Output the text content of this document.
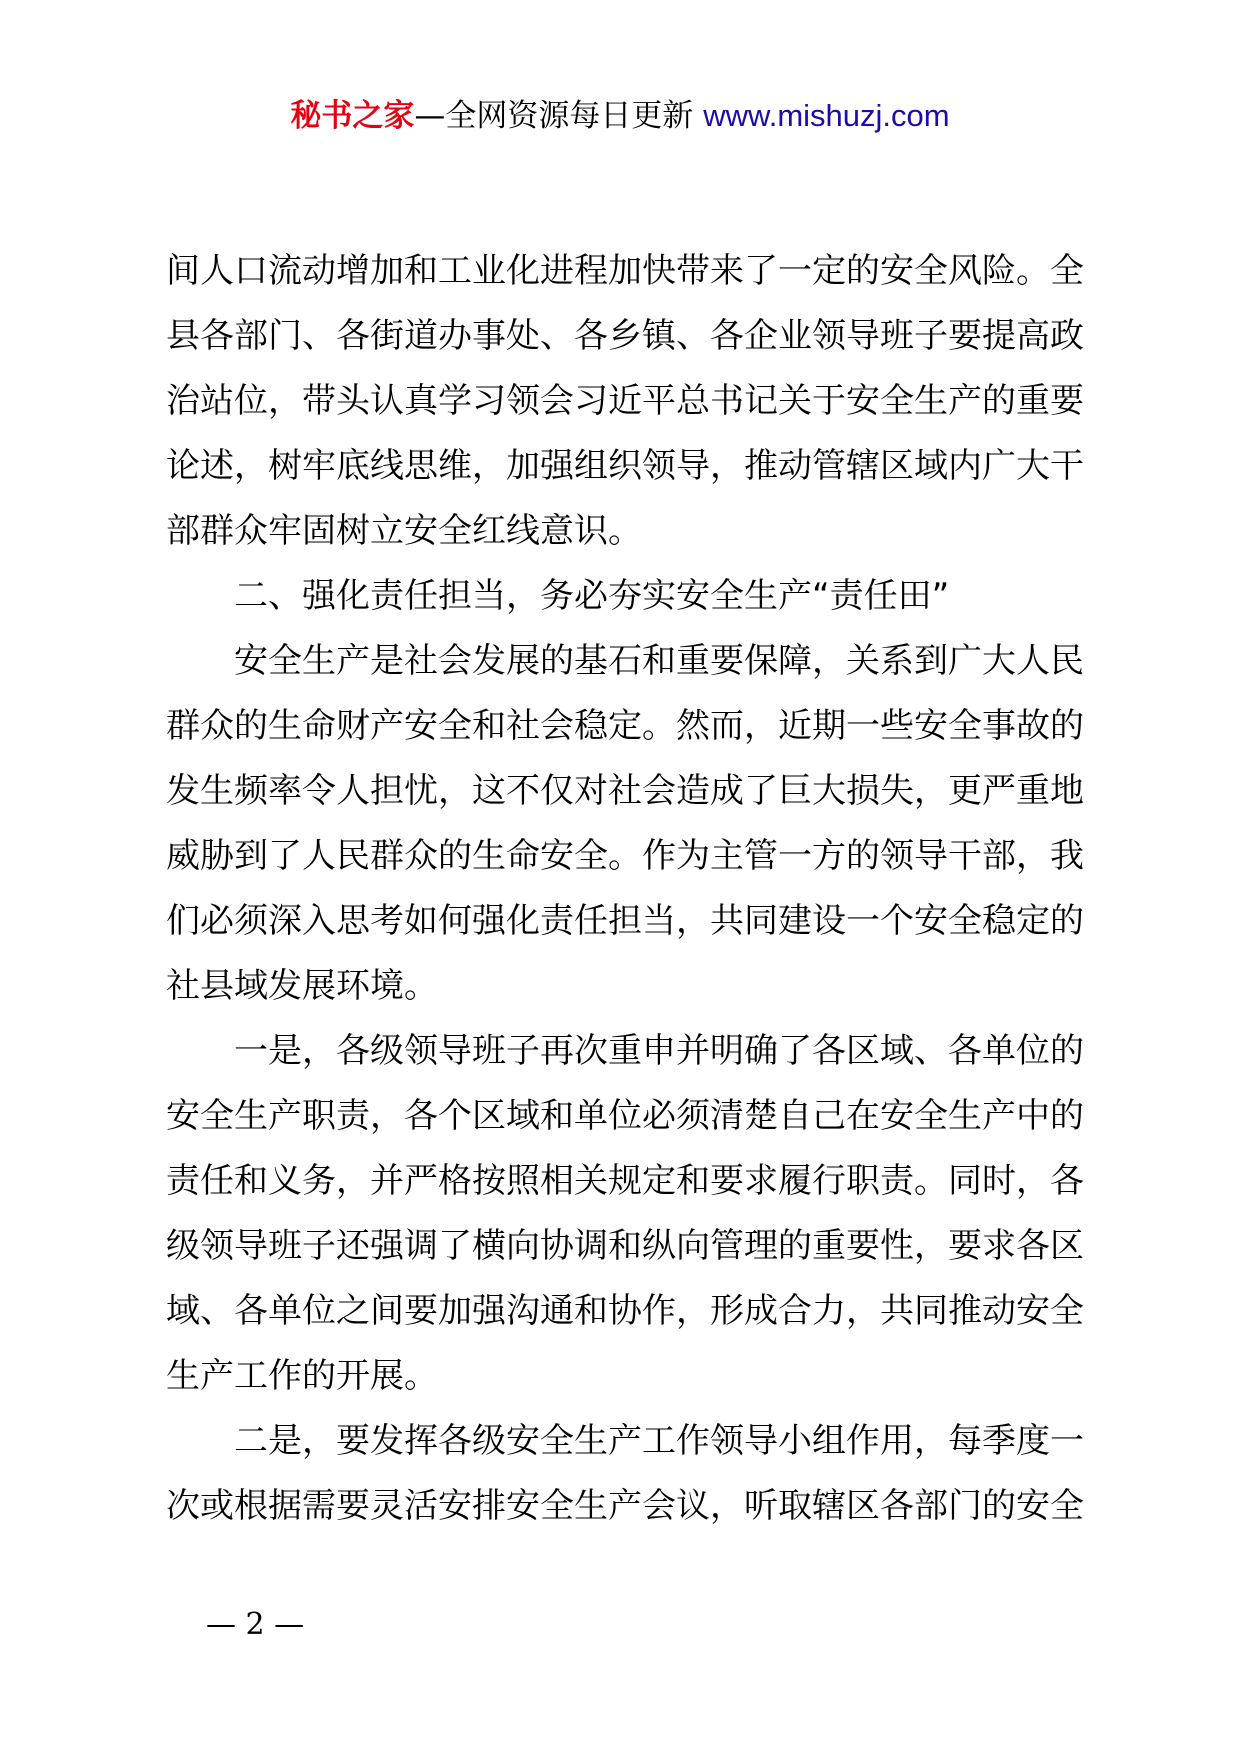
秘书之家—全网资源每日更新 www.mishuzj.com
间人口流动增加和工业化进程加快带来了一定的安全风险。全
县各部门、各街道办事处、各乡镇、各企业领导班子要提高政
治站位，带头认真学习领会习近平总书记关于安全生产的重要
论述，树牢底线思维，加强组织领导，推动管辖区域内广大干
部群众牢固树立安全红线意识。
二、强化责任担当，务必夯实安全生产“责任田”
安全生产是社会发展的基石和重要保障，关系到广大人民
群众的生命财产安全和社会稳定。然而，近期一些安全事故的
发生频率令人担忧，这不仅对社会造成了巨大损失，更严重地
威胁到了人民群众的生命安全。作为主管一方的领导干部，我
们必须深入思考如何强化责任担当，共同建设一个安全稳定的
社县域发展环境。
一是，各级领导班子再次重申并明确了各区域、各单位的
安全生产职责，各个区域和单位必须清楚自己在安全生产中的
责任和义务，并严格按照相关规定和要求履行职责。同时，各
级领导班子还强调了横向协调和纵向管理的重要性，要求各区
域、各单位之间要加强沟通和协作，形成合力，共同推动安全
生产工作的开展。
二是，要发挥各级安全生产工作领导小组作用，每季度一
次或根据需要灵活安排安全生产会议，听取辖区各部门的安全
— 2 —
